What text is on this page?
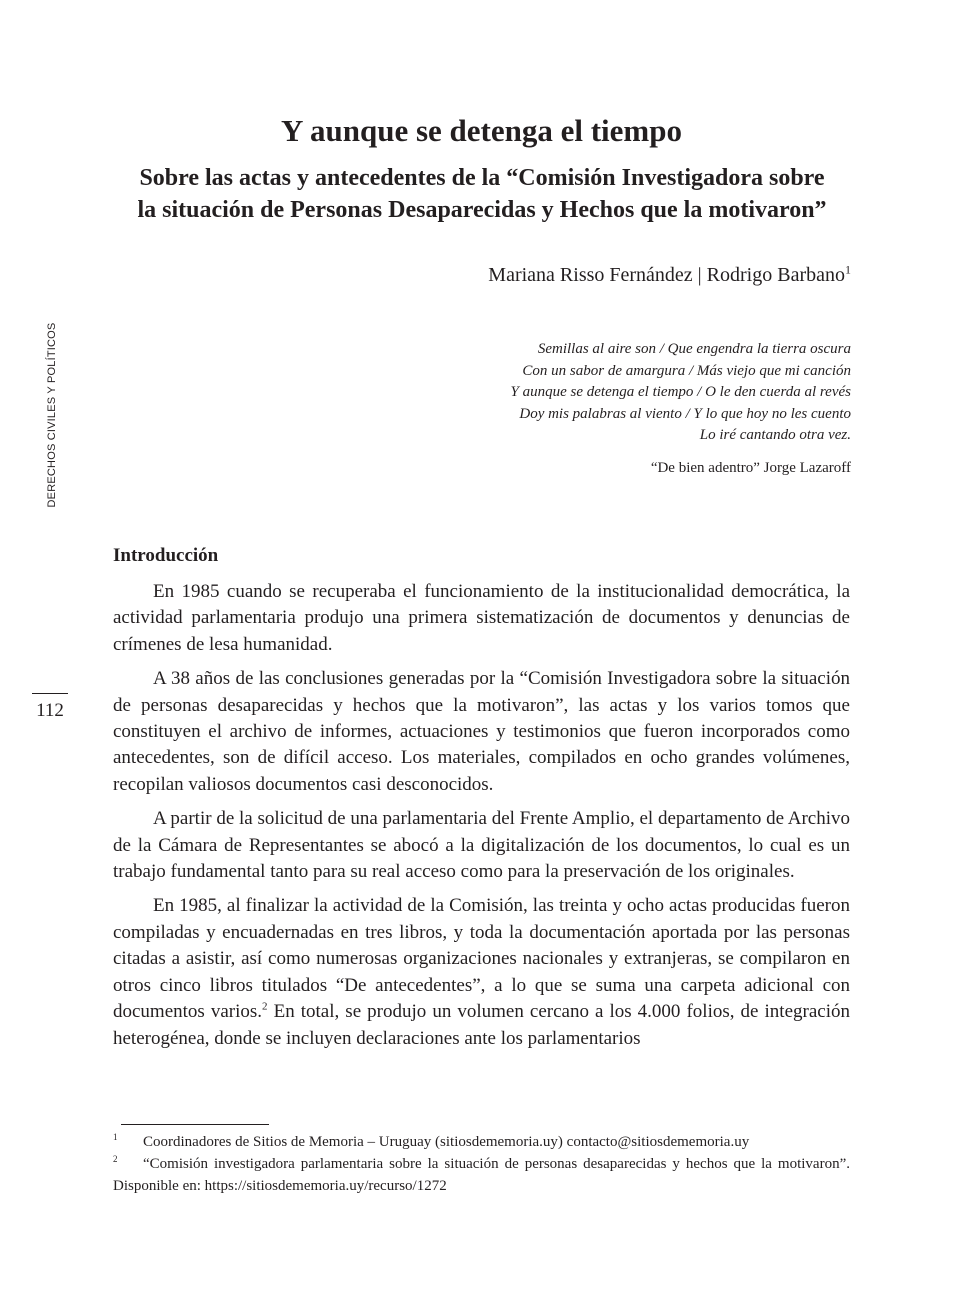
DERECHOS CIVILES Y POLÍTICOS
112
Y aunque se detenga el tiempo
Sobre las actas y antecedentes de la “Comisión Investigadora sobre
la situación de Personas Desaparecidas y Hechos que la motivaron”
Mariana Risso Fernández | Rodrigo Barbano$^1$
Semillas al aire son / Que engendra la tierra oscura
Con un sabor de amargura / Más viejo que mi canción
Y aunque se detenga el tiempo / O le den cuerda al revés
Doy mis palabras al viento / Y lo que hoy no les cuento
Lo iré cantando otra vez.
“De bien adentro” Jorge Lazaroff
Introducción

En 1985 cuando se recuperaba el funcionamiento de la institucionalidad democrática, la actividad parlamentaria produjo una primera sistematización de documentos y denuncias de crímenes de lesa humanidad.

A 38 años de las conclusiones generadas por la “Comisión Investigadora sobre la situación de personas desaparecidas y hechos que la motivaron”, las actas y los varios tomos que constituyen el archivo de informes, actuaciones y testimonios que fueron incorporados como antecedentes, son de difícil acceso. Los materiales, compilados en ocho grandes volúmenes, recopilan valiosos documentos casi desconocidos.

A partir de la solicitud de una parlamentaria del Frente Amplio, el departamento de Archivo de la Cámara de Representantes se abocó a la digitalización de los documentos, lo cual es un trabajo fundamental tanto para su real acceso como para la preservación de los originales.

En 1985, al finalizar la actividad de la Comisión, las treinta y ocho actas producidas fueron compiladas y encuadernadas en tres libros, y toda la documentación aportada por las personas citadas a asistir, así como numerosas organizaciones nacionales y extranjeras, se compilaron en otros cinco libros titulados “De antecedentes”, a lo que se suma una carpeta adicional con documentos varios.$^2$ En total, se produjo un volumen cercano a los 4.000 folios, de integración heterogénea, donde se incluyen declaraciones ante los parlamentarios

1	Coordinadores de Sitios de Memoria – Uruguay (sitiosdememoria.uy) contacto@sitiosdememoria.uy
2	“Comisión investigadora parlamentaria sobre la situación de personas desaparecidas y hechos que la motivaron”. Disponible en: https://sitiosdememoria.uy/recurso/1272
